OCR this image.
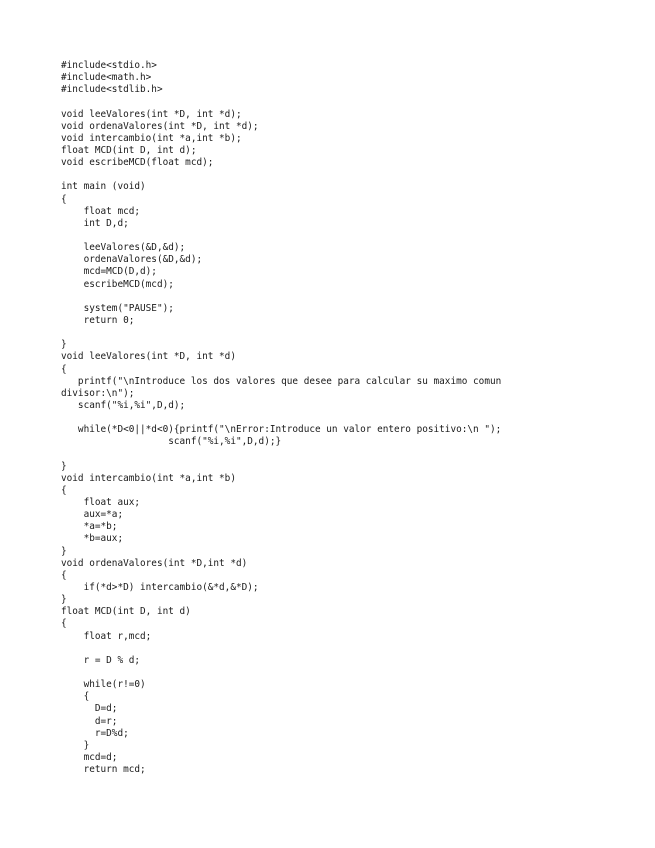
#include<stdio.h>
#include<math.h>
#include<stdlib.h>
void leeValores(int *D, int *d);
void ordenaValores(int *D, int *d);
void intercambio(int *a,int *b);
float MCD(int D, int d);
void escribeMCD(float mcd);
int main (void)
{
float mcd;
int D,d;
leeValores(&D,&d);
ordenaValores(&D,&d);
mcd=MCD(D,d);
escribeMCD(mcd);
system("PAUSE");
return 0;
}
void leeValores(int *D, int *d)
{
printf("\nIntroduce los dos valores que desee para calcular su maximo comun
divisor:\n");
scanf("%i,%i",D,d);
while(*D<0||*d<0){printf("\nError:Introduce un valor entero positivo:\n ");
scanf("%i,%i",D,d);}
}
void intercambio(int *a,int *b)
{
float aux;
aux=*a;
*a=*b;
*b=aux;
}
void ordenaValores(int *D,int *d)
{
if(*d>*D) intercambio(&*d,&*D);
}
float MCD(int D, int d)
{
float r,mcd;
r = D % d;
while(r!=0)
{
D=d;
d=r;
r=D%d;
}
mcd=d;
return mcd;
